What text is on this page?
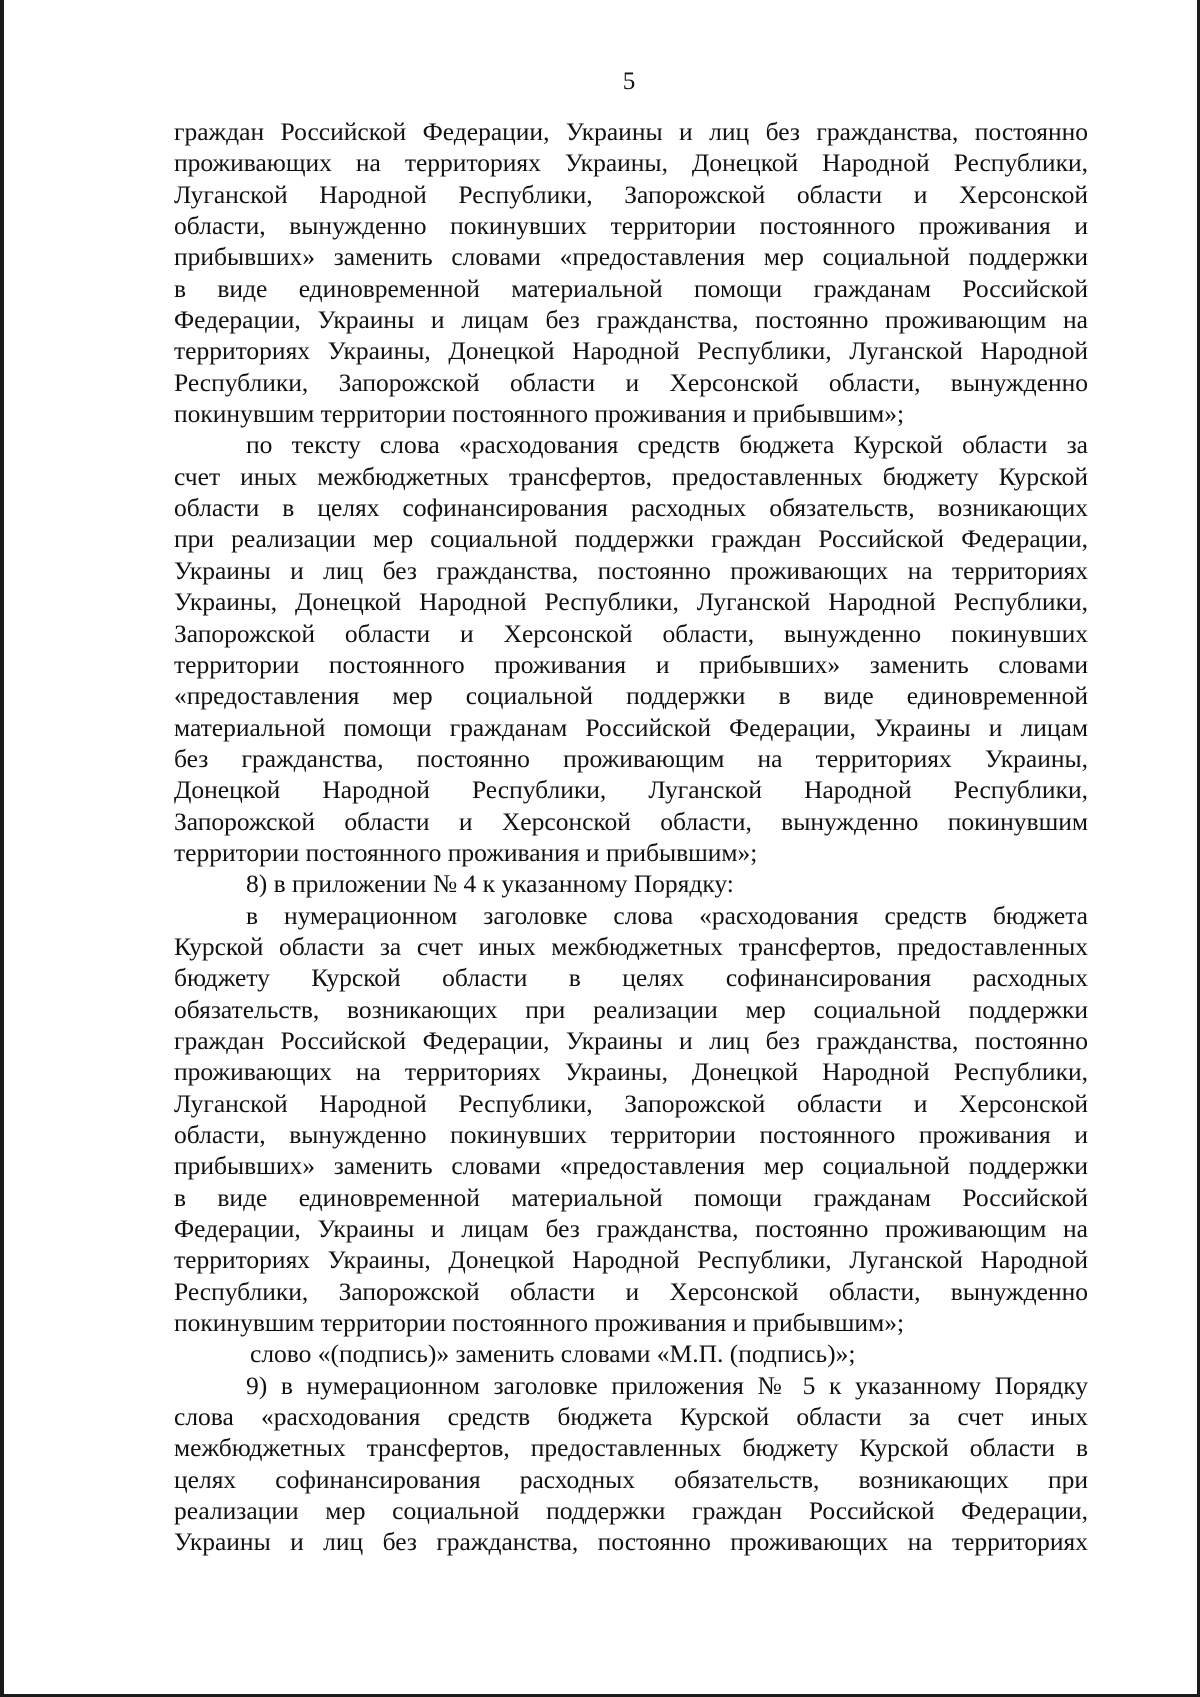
5
граждан Российской Федерации, Украины и лиц без гражданства, постоянно
проживающих на территориях Украины, Донецкой Народной Республики,
Луганской Народной Республики, Запорожской области и Херсонской
области, вынужденно покинувших территории постоянного проживания и
прибывших» заменить словами «предоставления мер социальной поддержки
в виде единовременной материальной помощи гражданам Российской
Федерации, Украины и лицам без гражданства, постоянно проживающим на
территориях Украины, Донецкой Народной Республики, Луганской Народной
Республики, Запорожской области и Херсонской области, вынужденно
покинувшим территории постоянного проживания и прибывшим»;
по тексту слова «расходования средств бюджета Курской области за
счет иных межбюджетных трансфертов, предоставленных бюджету Курской
области в целях софинансирования расходных обязательств, возникающих
при реализации мер социальной поддержки граждан Российской Федерации,
Украины и лиц без гражданства, постоянно проживающих на территориях
Украины, Донецкой Народной Республики, Луганской Народной Республики,
Запорожской области и Херсонской области, вынужденно покинувших
территории постоянного проживания и прибывших» заменить словами
«предоставления мер социальной поддержки в виде единовременной
материальной помощи гражданам Российской Федерации, Украины и лицам
без гражданства, постоянно проживающим на территориях Украины,
Донецкой Народной Республики, Луганской Народной Республики,
Запорожской области и Херсонской области, вынужденно покинувшим
территории постоянного проживания и прибывшим»;
8) в приложении № 4 к указанному Порядку:
в нумерационном заголовке слова «расходования средств бюджета
Курской области за счет иных межбюджетных трансфертов, предоставленных
бюджету Курской области в целях софинансирования расходных
обязательств, возникающих при реализации мер социальной поддержки
граждан Российской Федерации, Украины и лиц без гражданства, постоянно
проживающих на территориях Украины, Донецкой Народной Республики,
Луганской Народной Республики, Запорожской области и Херсонской
области, вынужденно покинувших территории постоянного проживания и
прибывших» заменить словами «предоставления мер социальной поддержки
в виде единовременной материальной помощи гражданам Российской
Федерации, Украины и лицам без гражданства, постоянно проживающим на
территориях Украины, Донецкой Народной Республики, Луганской Народной
Республики, Запорожской области и Херсонской области, вынужденно
покинувшим территории постоянного проживания и прибывшим»;
слово «(подпись)» заменить словами «М.П. (подпись)»;
9) в нумерационном заголовке приложения № 5 к указанному Порядку
слова «расходования средств бюджета Курской области за счет иных
межбюджетных трансфертов, предоставленных бюджету Курской области в
целях софинансирования расходных обязательств, возникающих при
реализации мер социальной поддержки граждан Российской Федерации,
Украины и лиц без гражданства, постоянно проживающих на территориях
